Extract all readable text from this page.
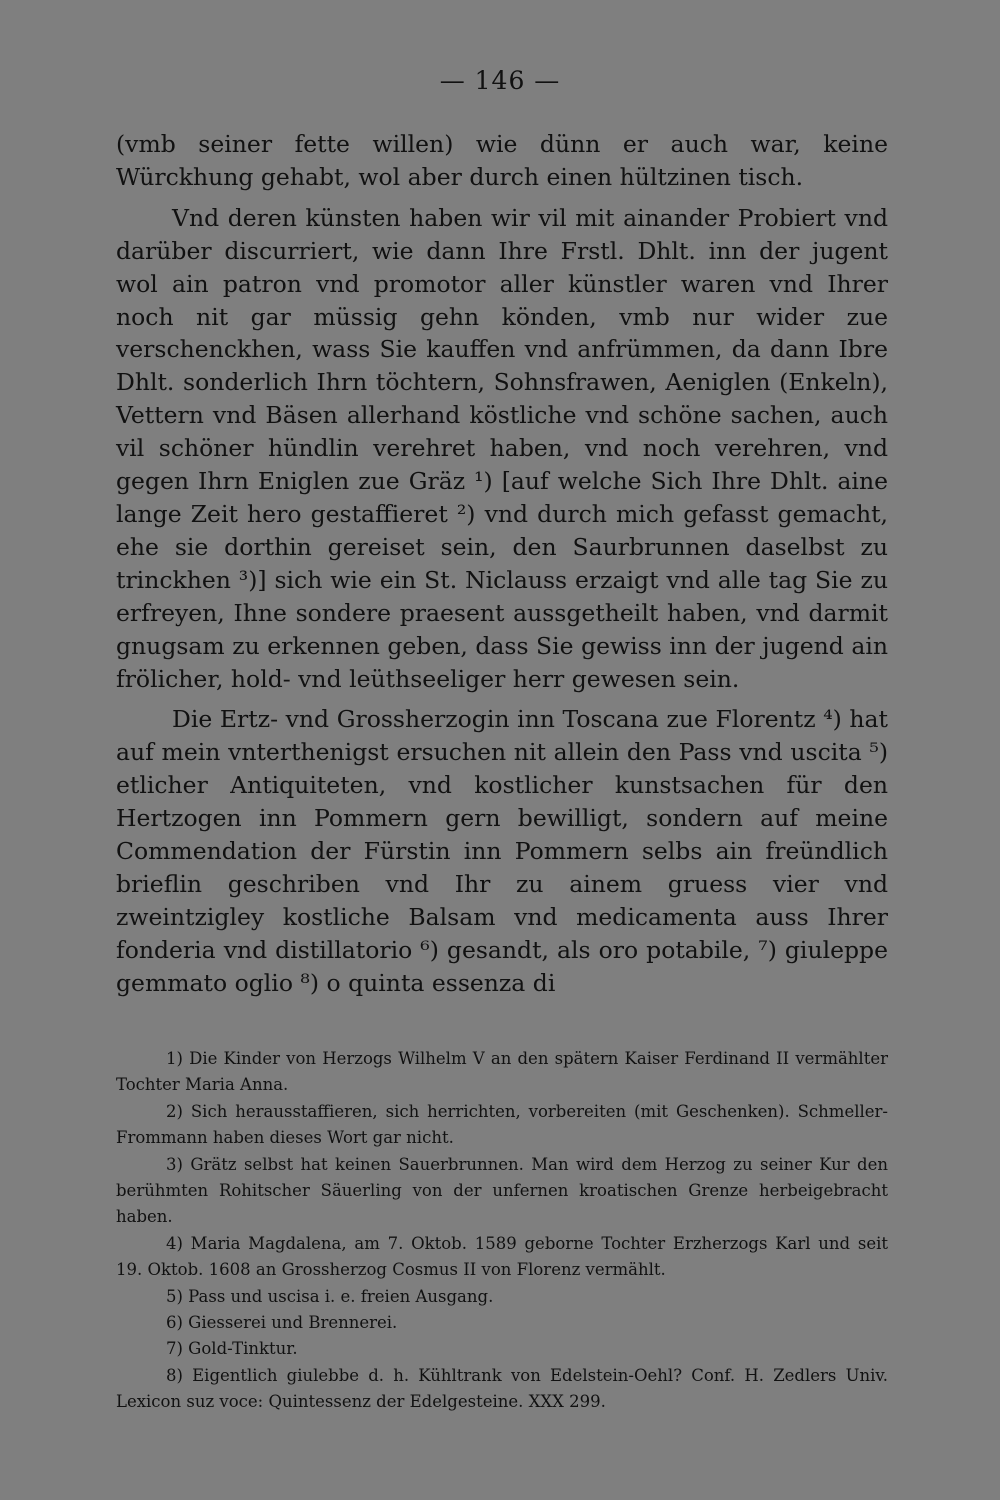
— 146 —

(vmb seiner fette willen) wie dünn er auch war, keine Würckhung gehabt, wol aber durch einen hültzinen tisch.

Vnd deren künsten haben wir vil mit ainander Probiert vnd darüber discurriert, wie dann Ihre Frstl. Dhlt. inn der jugent wol ain patron vnd promotor aller künstler waren vnd Ihrer noch nit gar müssig gehn könden, vmb nur wider zue verschenckhen, wass Sie kauffen vnd anfrümmen, da dann Ibre Dhlt. sonderlich Ihrn töchtern, Sohnsfrawen, Aeniglen (Enkeln), Vettern vnd Bäsen allerhand köstliche vnd schöne sachen, auch vil schöner hündlin verehret haben, vnd noch verehren, vnd gegen Ihrn Eniglen zue Gräz ¹) [auf welche Sich Ihre Dhlt. aine lange Zeit hero gestaffieret ²) vnd durch mich gefasst gemacht, ehe sie dorthin gereiset sein, den Saurbrunnen daselbst zu trinckhen ³)] sich wie ein St. Niclauss erzaigt vnd alle tag Sie zu erfreyen, Ihne sondere praesent aussgetheilt haben, vnd darmit gnugsam zu erkennen geben, dass Sie gewiss inn der jugend ain frölicher, hold- vnd leüthseeliger herr gewesen sein.

Die Ertz- vnd Grossherzogin inn Toscana zue Florentz ⁴) hat auf mein vnterthenigst ersuchen nit allein den Pass vnd uscita ⁵) etlicher Antiquiteten, vnd kostlicher kunstsachen für den Hertzogen inn Pommern gern bewilligt, sondern auf meine Commendation der Fürstin inn Pommern selbs ain freündlich brieflin geschriben vnd Ihr zu ainem gruess vier vnd zweintzigley kostliche Balsam vnd medicamenta auss Ihrer fonderia vnd distillatorio ⁶) gesandt, als oro potabile, ⁷) giuleppe gemmato oglio ⁸) o quinta essenza di

1) Die Kinder von Herzogs Wilhelm V an den spätern Kaiser Ferdinand II vermählter Tochter Maria Anna.

2) Sich herausstaffieren, sich herrichten, vorbereiten (mit Geschenken). Schmeller-Frommann haben dieses Wort gar nicht.

3) Grätz selbst hat keinen Sauerbrunnen. Man wird dem Herzog zu seiner Kur den berühmten Rohitscher Säuerling von der unfernen kroatischen Grenze herbeigebracht haben.

4) Maria Magdalena, am 7. Oktob. 1589 geborne Tochter Erzherzogs Karl und seit 19. Oktob. 1608 an Grossherzog Cosmus II von Florenz vermählt.

5) Pass und uscisa i. e. freien Ausgang.

6) Giesserei und Brennerei.

7) Gold-Tinktur.

8) Eigentlich giulebbe d. h. Kühltrank von Edelstein-Oehl? Conf. H. Zedlers Univ. Lexicon suz voce: Quintessenz der Edelgesteine. XXX 299.
